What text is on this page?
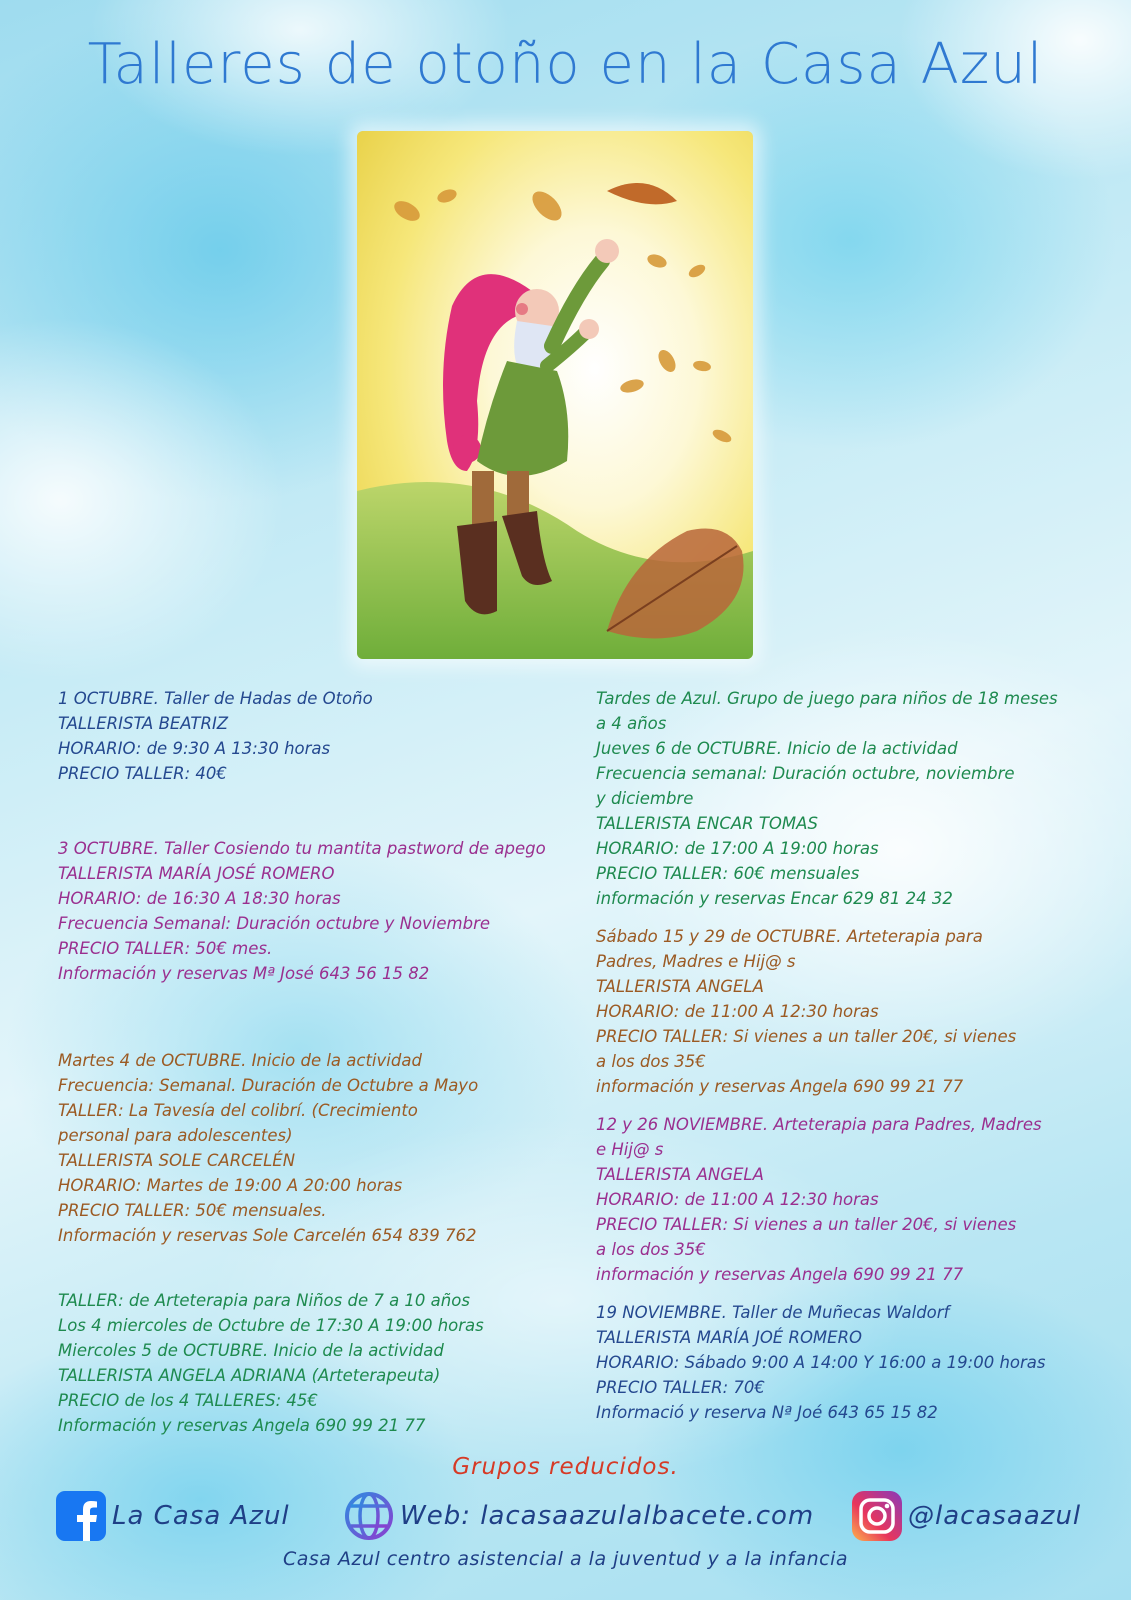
Talleres de otoño en la Casa Azul
1 OCTUBRE. Taller de Hadas de Otoño
TALLERISTA BEATRIZ
HORARIO: de 9:30 A 13:30 horas
PRECIO TALLER: 40€
3 OCTUBRE. Taller Cosiendo tu mantita pastword de apego
TALLERISTA MARÍA JOSÉ ROMERO
HORARIO: de 16:30 A 18:30 horas
Frecuencia Semanal: Duración octubre y Noviembre
PRECIO TALLER: 50€ mes.
Información y reservas Mª José 643 56 15 82
Martes 4 de OCTUBRE. Inicio de la actividad
Frecuencia: Semanal. Duración de Octubre a Mayo
TALLER: La Tavesía del colibrí. (Crecimiento
personal para adolescentes)
TALLERISTA SOLE CARCELÉN
HORARIO: Martes de 19:00 A 20:00 horas
PRECIO TALLER: 50€ mensuales.
Información y reservas Sole Carcelén 654 839 762
TALLER: de Arteterapia para Niños de 7 a 10 años
Los 4 miercoles de Octubre de 17:30 A 19:00 horas
Miercoles 5 de OCTUBRE. Inicio de la actividad
TALLERISTA ANGELA ADRIANA (Arteterapeuta)
PRECIO de los 4 TALLERES: 45€
Información y reservas Angela 690 99 21 77
Tardes de Azul. Grupo de juego para niños de 18 meses
a 4 años
Jueves 6 de OCTUBRE. Inicio de la actividad
Frecuencia semanal: Duración octubre, noviembre
y diciembre
TALLERISTA ENCAR TOMAS
HORARIO: de 17:00 A 19:00 horas
PRECIO TALLER: 60€ mensuales
información y reservas Encar 629 81 24 32
Sábado 15 y 29 de OCTUBRE. Arteterapia para
Padres, Madres e Hij@ s
TALLERISTA ANGELA
HORARIO: de 11:00 A 12:30 horas
PRECIO TALLER: Si vienes a un taller 20€, si vienes
a los dos 35€
información y reservas Angela 690 99 21 77
12 y 26 NOVIEMBRE. Arteterapia para Padres, Madres
e Hij@ s
TALLERISTA ANGELA
HORARIO: de 11:00 A 12:30 horas
PRECIO TALLER: Si vienes a un taller 20€, si vienes
a los dos 35€
información y reservas Angela 690 99 21 77
19 NOVIEMBRE. Taller de Muñecas Waldorf
TALLERISTA MARÍA JOÉ ROMERO
HORARIO: Sábado 9:00 A 14:00 Y 16:00 a 19:00 horas
PRECIO TALLER: 70€
Informació y reserva Nª Joé 643 65 15 82

Grupos reducidos.

La Casa Azul	Web: lacasaazulalbacete.com	@lacasaazul

Casa Azul centro asistencial a la juventud y a la infancia
